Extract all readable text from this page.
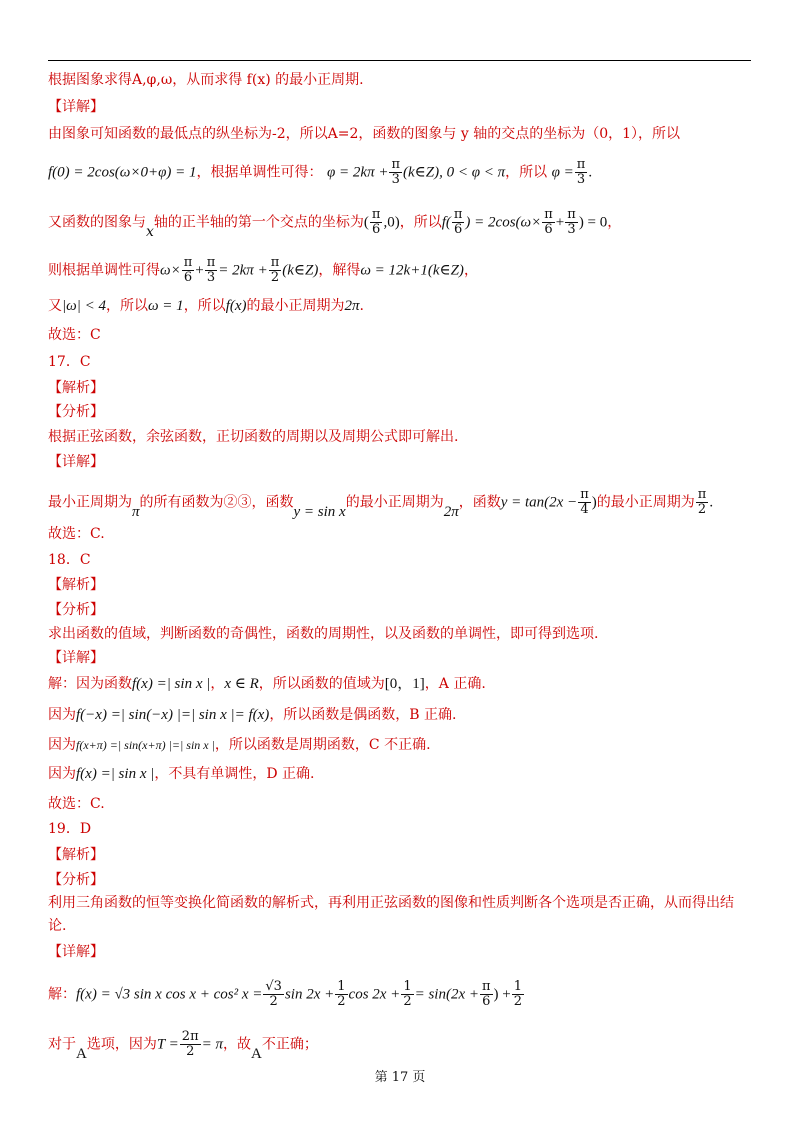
根据图象求得A,φ,ω，从而求得 f(x) 的最小正周期.
【详解】
由图象可知函数的最低点的纵坐标为-2，所以A=2，函数的图象与 y 轴的交点的坐标为（0，1），所以
f(0) = 2cos(ω×0+φ) = 1，根据单调性可得： $\varphi = 2k\pi + \frac{\pi}{3}$ (k∈Z), 0 < φ < π，所以 $\varphi = \frac{\pi}{3}$ .
又函数的图象与x轴的正半轴的第一个交点的坐标为( $\frac{\pi}{6} ,0$)，所以$f( \frac{\pi}{6}$ ) = $2\cos(\omega\times \frac{\pi}{6} + \frac{\pi}{3}$ ) = 0，
则根据单调性可得$\omega\times \frac{\pi}{6} + \frac{\pi}{3} = 2k\pi + \frac{\pi}{2}$ (k∈Z)，解得ω = 12k+1(k∈Z)，
又|ω| < 4，所以ω = 1，所以f(x)的最小正周期为2π.
故选：C
17．C
【解析】
【分析】
根据正弦函数，余弦函数，正切函数的周期以及周期公式即可解出.
【详解】
最小正周期为π的所有函数为②③，函数y = sin x的最小正周期为2π，函数$y = \tan(2x - \frac{\pi}{4}$ )的最小正周期为 $\frac{\pi}{2}$ .
故选：C.
18．C
【解析】
【分析】
求出函数的值域，判断函数的奇偶性，函数的周期性，以及函数的单调性，即可得到选项.
【详解】
解：因为函数f(x) =| sin x |，x ∈ R，所以函数的值域为[0，1]，A 正确.
因为f(−x) =| sin(−x) |=| sin x |= f(x)，所以函数是偶函数，B 正确.
因为f(x+π) =| sin(x+π) |=| sin x |，所以函数是周期函数，C 不正确.
因为f(x) =| sin x |，不具有单调性，D 正确.
故选：C.
19．D
【解析】
【分析】
利用三角函数的恒等变换化简函数的解析式，再利用正弦函数的图像和性质判断各个选项是否正确，从而得出结
论.
【详解】
解：f(x) = √3 sin x cos x + cos² $x = \frac{√3}{2}$ $\sin 2x + \frac{1}{2}$ $\cos 2x + \frac{1}{2} = \sin(2x + \frac{\pi}{6}$ ) + $\frac{1}{2}$
对于A选项，因为$T = \frac{2\pi}{2} = \pi$，故A不正确；
第 17 页
